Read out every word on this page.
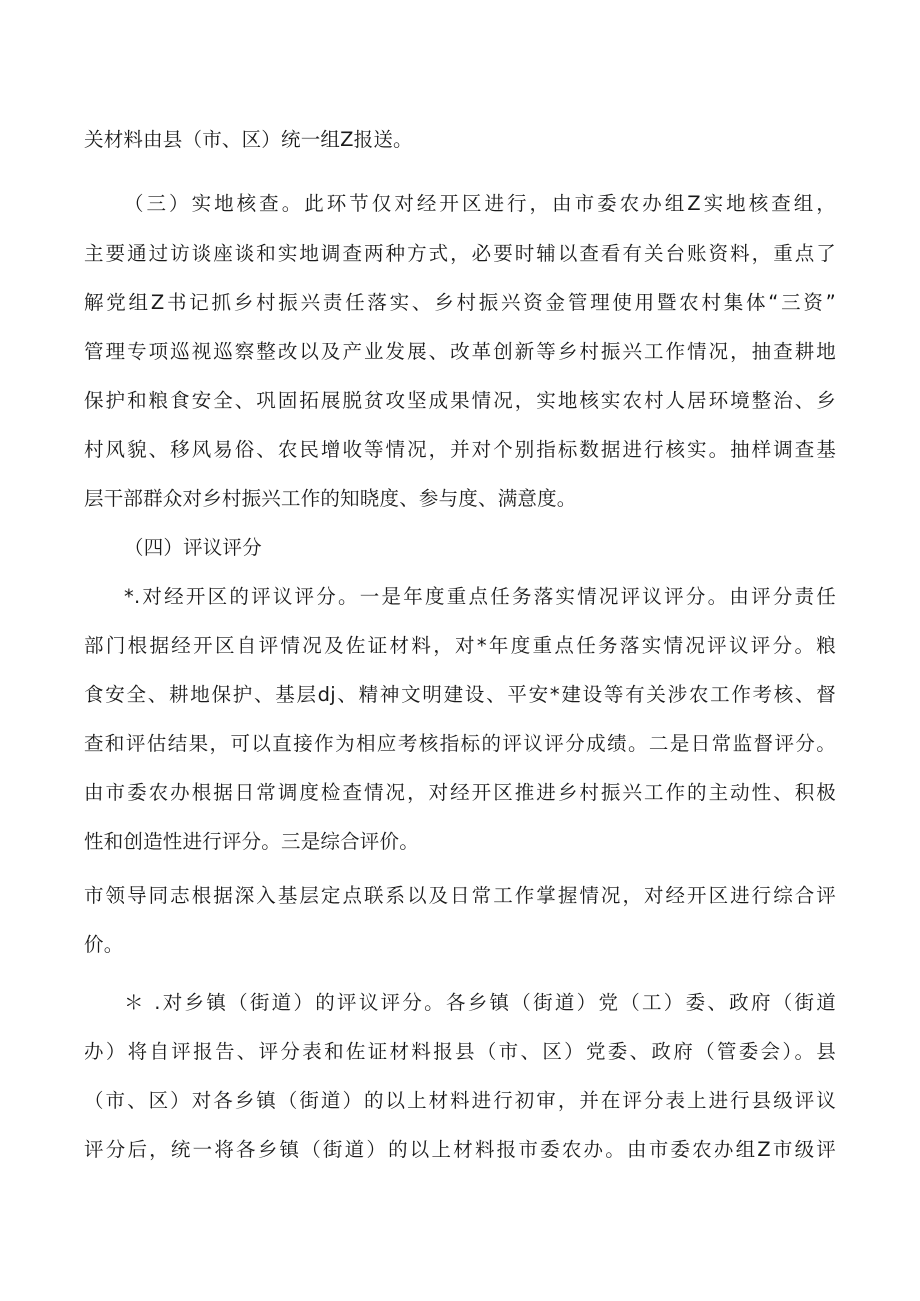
关材料由县（市、区）统一组Z报送。
（三）实地核查。此环节仅对经开区进行，由市委农办组Z实地核查组，
主要通过访谈座谈和实地调查两种方式，必要时辅以查看有关台账资料，重点了
解党组Z书记抓乡村振兴责任落实、乡村振兴资金管理使用暨农村集体“三资”
管理专项巡视巡察整改以及产业发展、改革创新等乡村振兴工作情况，抽查耕地
保护和粮食安全、巩固拓展脱贫攻坚成果情况，实地核实农村人居环境整治、乡
村风貌、移风易俗、农民增收等情况，并对个别指标数据进行核实。抽样调查基
层干部群众对乡村振兴工作的知晓度、参与度、满意度。
（四）评议评分
*.对经开区的评议评分。一是年度重点任务落实情况评议评分。由评分责任
部门根据经开区自评情况及佐证材料，对*年度重点任务落实情况评议评分。粮
食安全、耕地保护、基层dj、精神文明建设、平安*建设等有关涉农工作考核、督
查和评估结果，可以直接作为相应考核指标的评议评分成绩。二是日常监督评分。
由市委农办根据日常调度检查情况，对经开区推进乡村振兴工作的主动性、积极
性和创造性进行评分。三是综合评价。
市领导同志根据深入基层定点联系以及日常工作掌握情况，对经开区进行综合评
价。
＊ .对乡镇（街道）的评议评分。各乡镇（街道）党（工）委、政府（街道
办）将自评报告、评分表和佐证材料报县（市、区）党委、政府（管委会）。县
（市、区）对各乡镇（街道）的以上材料进行初审，并在评分表上进行县级评议
评分后，统一将各乡镇（街道）的以上材料报市委农办。由市委农办组Z市级评
